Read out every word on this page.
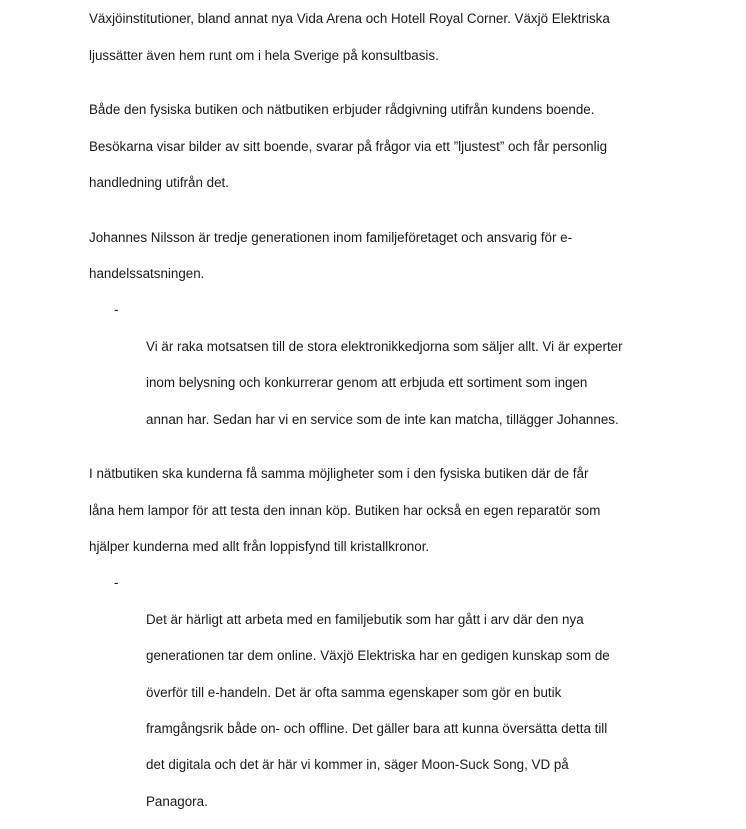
Växjöinstitutioner, bland annat nya Vida Arena och Hotell Royal Corner. Växjö Elektriska

ljussätter även hem runt om i hela Sverige på konsultbasis.

Både den fysiska butiken och nätbutiken erbjuder rådgivning utifrån kundens boende.

Besökarna visar bilder av sitt boende, svarar på frågor via ett ”ljustest” och får personlig

handledning utifrån det.

Johannes Nilsson är tredje generationen inom familjeföretaget och ansvarig för e-

handelssatsningen.

-

Vi är raka motsatsen till de stora elektronikkedjorna som säljer allt. Vi är experter

inom belysning och konkurrerar genom att erbjuda ett sortiment som ingen

annan har. Sedan har vi en service som de inte kan matcha, tillägger Johannes.

I nätbutiken ska kunderna få samma möjligheter som i den fysiska butiken där de får

låna hem lampor för att testa den innan köp. Butiken har också en egen reparatör som

hjälper kunderna med allt från loppisfynd till kristallkronor.

-

Det är härligt att arbeta med en familjebutik som har gått i arv där den nya

generationen tar dem online. Växjö Elektriska har en gedigen kunskap som de

överför till e-handeln. Det är ofta samma egenskaper som gör en butik

framgångsrik både on- och offline. Det gäller bara att kunna översätta detta till

det digitala och det är här vi kommer in, säger Moon-Suck Song, VD på

Panagora.
